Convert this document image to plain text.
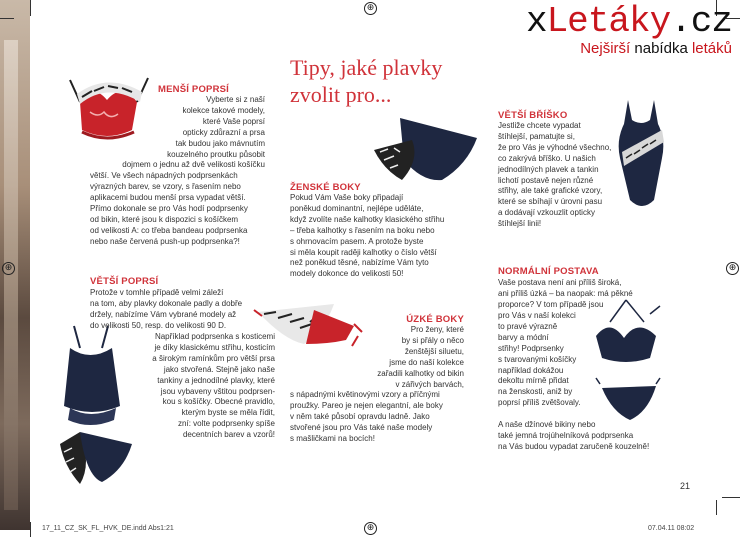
⊕
⊕	⊕
⊕
xLetáky.cz
Nejširší nabídka letáků
Tipy, jaké plavky zvolit pro...
MENŠÍ POPRSÍ
Vyberte si z naší
kolekce takové modely,
které Vaše poprsí
opticky zdůrazní a prsa
tak budou jako mávnutím
kouzelného proutku působit
dojmem o jednu až dvě velikosti košíčku
větší. Ve všech nápadných podprsenkách
výrazných barev, se vzory, s řasením nebo
aplikacemi budou menší prsa vypadat větší.
Přímo dokonale se pro Vás hodí podprsenky
od bikin, které jsou k dispozici s košíčkem
od velikosti A: co třeba bandeau podprsenka
nebo naše červená push-up podprsenka?!
VĚTŠÍ POPRSÍ
Protože v tomhle případě velmi záleží
na tom, aby plavky dokonale padly a dobře
držely, nabízíme Vám vybrané modely až
do velikosti 50, resp. do velikosti 90 D.
Například podprsenka s kosticemi
je díky klasickému střihu, kosticím
a širokým ramínkům pro větší prsa
jako stvořená. Stejně jako naše
tankiny a jednodílné plavky, které
jsou vybaveny vštitou podprsen-
kou s košíčky. Obecné pravidlo,
kterým byste se měla řídit,
zní: volte podprsenky spíše
decentních barev a vzorů!
ŽENSKÉ BOKY
Pokud Vám Vaše boky připadají
poněkud dominantní, nejlépe uděláte,
když zvolíte naše kalhotky klasického střihu
– třeba kalhotky s řasením na boku nebo
s ohrnovacím pasem. A protože byste
si měla koupit raději kalhotky o číslo větší
než poněkud těsné, nabízíme Vám tyto
modely dokonce do velikosti 50!
ÚZKÉ BOKY
Pro ženy, které
by si přály o něco
ženštější siluetu,
jsme do naší kolekce
zařadili kalhotky od bikin
v zářivých barvách,
s nápadnými květinovými vzory a příčnými
proužky. Pareo je nejen elegantní, ale boky
v něm také působí opravdu ladně. Jako
stvořené jsou pro Vás také naše modely
s mašličkami na bocích!
VĚTŠÍ BŘÍŠKO
Jestliže chcete vypadat
štíhlejší, pamatujte si,
že pro Vás je výhodné všechno,
co zakrývá bříško. U našich
jednodílných plavek a tankin
lichotí postavě nejen různé
střihy, ale také grafické vzory,
které se sbíhají v úrovni pasu
a dodávají vzkouzlit opticky
štíhlejší linii!
NORMÁLNÍ POSTAVA
Vaše postava není ani příliš široká,
ani příliš úzká – ba naopak: má pěkné
proporce? V tom případě jsou
pro Vás v naší kolekci
to pravé výrazně
barvy a módní
střihy! Podprsenky
s tvarovanými košíčky
například dokážou
dekoltu mírně přidat
na ženskosti, aniž by
poprsí příliš zvětšovaly.
A naše džínové bikiny nebo
také jemná trojúhelníková podprsenka
na Vás budou vypadat zaručeně kouzelně!
21
17_11_CZ_SK_FL_HVK_DE.indd Abs1:21	07.04.11 08:02
